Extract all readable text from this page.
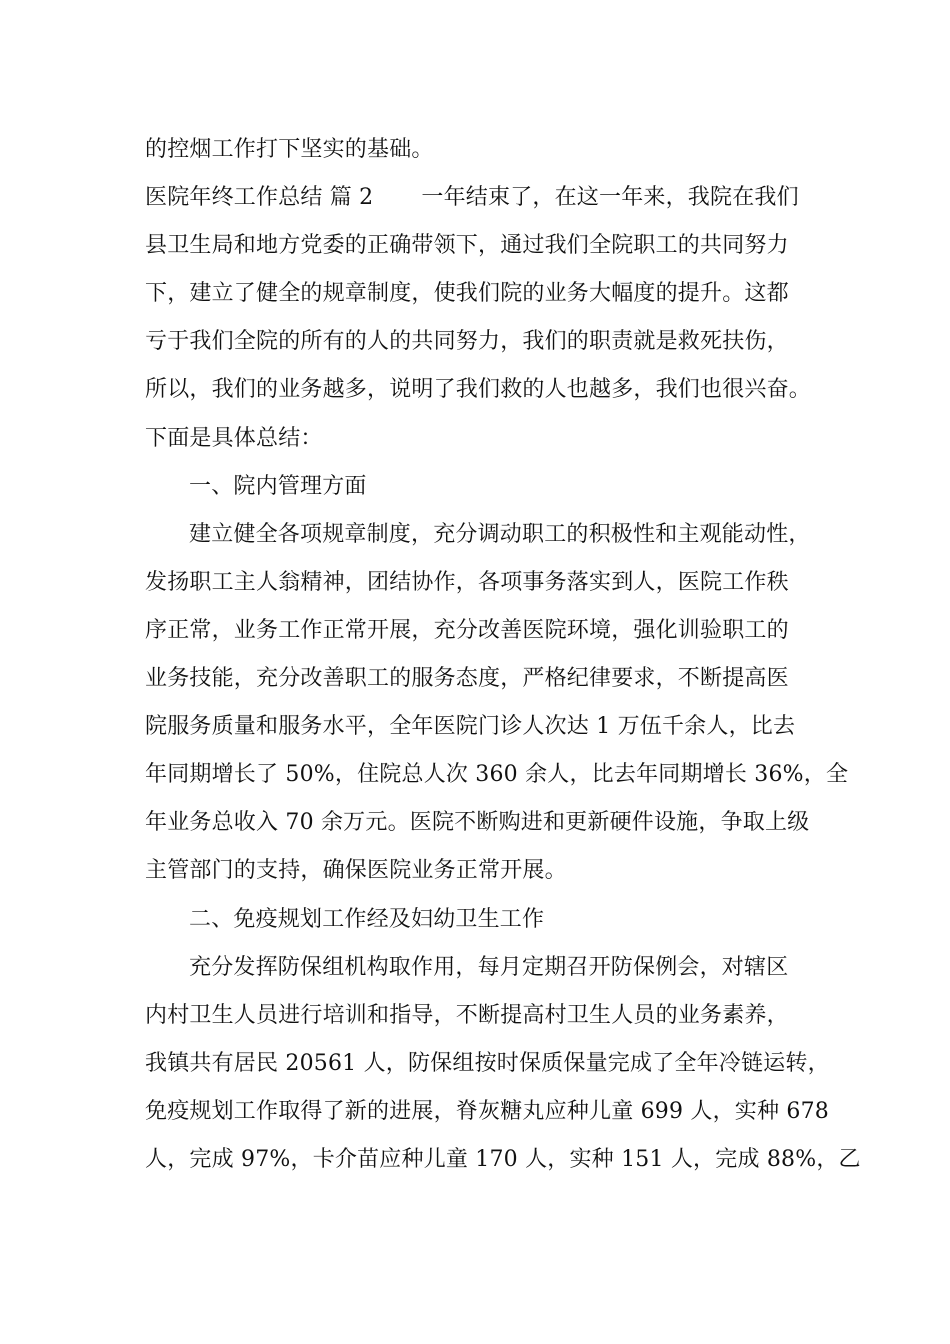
的控烟工作打下坚实的基础。
医院年终工作总结 篇 2 一年结束了，在这一年来，我院在我们
县卫生局和地方党委的正确带领下，通过我们全院职工的共同努力
下，建立了健全的规章制度，使我们院的业务大幅度的提升。这都
亏于我们全院的所有的人的共同努力，我们的职责就是救死扶伤，
所以，我们的业务越多，说明了我们救的人也越多，我们也很兴奋。
下面是具体总结：
一、院内管理方面
建立健全各项规章制度，充分调动职工的积极性和主观能动性，
发扬职工主人翁精神，团结协作，各项事务落实到人，医院工作秩
序正常，业务工作正常开展，充分改善医院环境，强化训验职工的
业务技能，充分改善职工的服务态度，严格纪律要求，不断提高医
院服务质量和服务水平，全年医院门诊人次达 1 万伍千余人，比去
年同期增长了 50%，住院总人次 360 余人，比去年同期增长 36%，全
年业务总收入 70 余万元。医院不断购进和更新硬件设施，争取上级
主管部门的支持，确保医院业务正常开展。
二、免疫规划工作经及妇幼卫生工作
充分发挥防保组机构取作用，每月定期召开防保例会，对辖区
内村卫生人员进行培训和指导，不断提高村卫生人员的业务素养，
我镇共有居民 20561 人，防保组按时保质保量完成了全年冷链运转，
免疫规划工作取得了新的进展，脊灰糖丸应种儿童 699 人，实种 678
人，完成 97%，卡介苗应种儿童 170 人，实种 151 人，完成 88%，乙
